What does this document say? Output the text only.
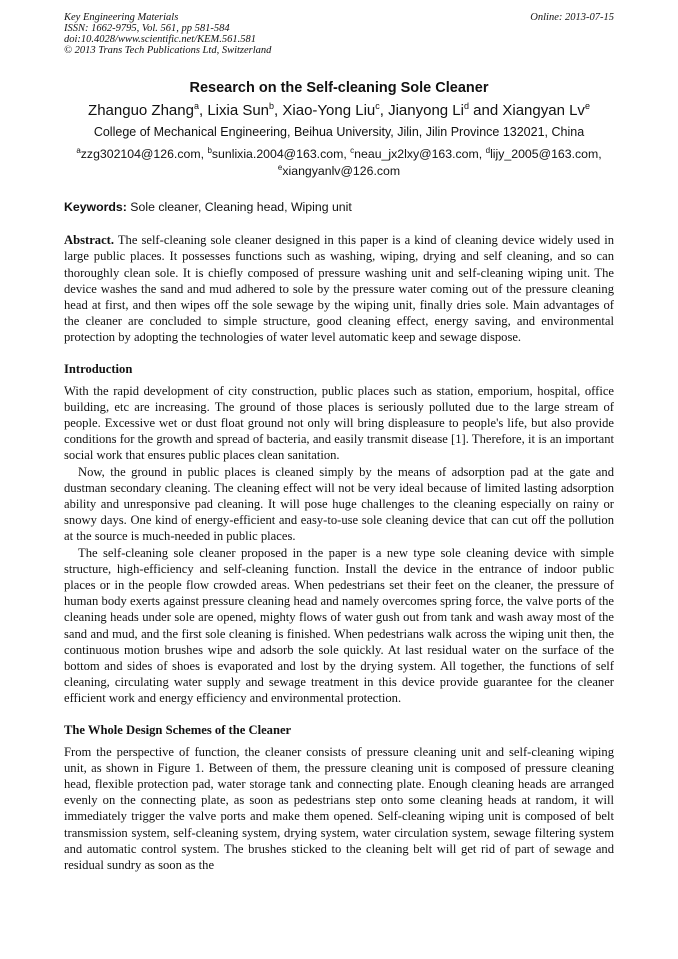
Key Engineering Materials
ISSN: 1662-9795, Vol. 561, pp 581-584
doi:10.4028/www.scientific.net/KEM.561.581
© 2013 Trans Tech Publications Ltd, Switzerland
Online: 2013-07-15
Research on the Self-cleaning Sole Cleaner
Zhanguo Zhang$^a$, Lixia Sun$^b$, Xiao-Yong Liu$^c$, Jianyong Li$^d$ and Xiangyan Lv$^e$
College of Mechanical Engineering, Beihua University, Jilin, Jilin Province 132021, China
$^a$zzg302104@126.com, $^b$sunlixia.2004@163.com, $^c$neau_jx2lxy@163.com, $^d$lijy_2005@163.com,
$^e$xiangyanlv@126.com
Keywords: Sole cleaner, Cleaning head, Wiping unit

Abstract. The self-cleaning sole cleaner designed in this paper is a kind of cleaning device widely used in large public places. It possesses functions such as washing, wiping, drying and self cleaning, and so can thoroughly clean sole. It is chiefly composed of pressure washing unit and self-cleaning wiping unit. The device washes the sand and mud adhered to sole by the pressure water coming out of the pressure cleaning head at first, and then wipes off the sole sewage by the wiping unit, finally dries sole. Main advantages of the cleaner are concluded to simple structure, good cleaning effect, energy saving, and environmental protection by adopting the technologies of water level automatic keep and sewage dispose.

Introduction

With the rapid development of city construction, public places such as station, emporium, hospital, office building, etc are increasing. The ground of those places is seriously polluted due to the large stream of people. Excessive wet or dust float ground not only will bring displeasure to people's life, but also provide conditions for the growth and spread of bacteria, and easily transmit disease [1]. Therefore, it is an important social work that ensures public places clean sanitation.

Now, the ground in public places is cleaned simply by the means of adsorption pad at the gate and dustman secondary cleaning. The cleaning effect will not be very ideal because of limited lasting adsorption ability and unresponsive pad cleaning. It will pose huge challenges to the cleaning especially on rainy or snowy days. One kind of energy-efficient and easy-to-use sole cleaning device that can cut off the pollution at the source is much-needed in public places.

The self-cleaning sole cleaner proposed in the paper is a new type sole cleaning device with simple structure, high-efficiency and self-cleaning function. Install the device in the entrance of indoor public places or in the people flow crowded areas. When pedestrians set their feet on the cleaner, the pressure of human body exerts against pressure cleaning head and namely overcomes spring force, the valve ports of the cleaning heads under sole are opened, mighty flows of water gush out from tank and wash away most of the sand and mud, and the first sole cleaning is finished. When pedestrians walk across the wiping unit then, the continuous motion brushes wipe and adsorb the sole quickly. At last residual water on the surface of the bottom and sides of shoes is evaporated and lost by the drying system. All together, the functions of self cleaning, circulating water supply and sewage treatment in this device provide guarantee for the cleaner efficient work and energy efficiency and environmental protection.

The Whole Design Schemes of the Cleaner

From the perspective of function, the cleaner consists of pressure cleaning unit and self-cleaning wiping unit, as shown in Figure 1. Between of them, the pressure cleaning unit is composed of pressure cleaning head, flexible protection pad, water storage tank and connecting plate. Enough cleaning heads are arranged evenly on the connecting plate, as soon as pedestrians step onto some cleaning heads at random, it will immediately trigger the valve ports and make them opened. Self-cleaning wiping unit is composed of belt transmission system, self-cleaning system, drying system, water circulation system, sewage filtering system and automatic control system. The brushes sticked to the cleaning belt will get rid of part of sewage and residual sundry as soon as the
